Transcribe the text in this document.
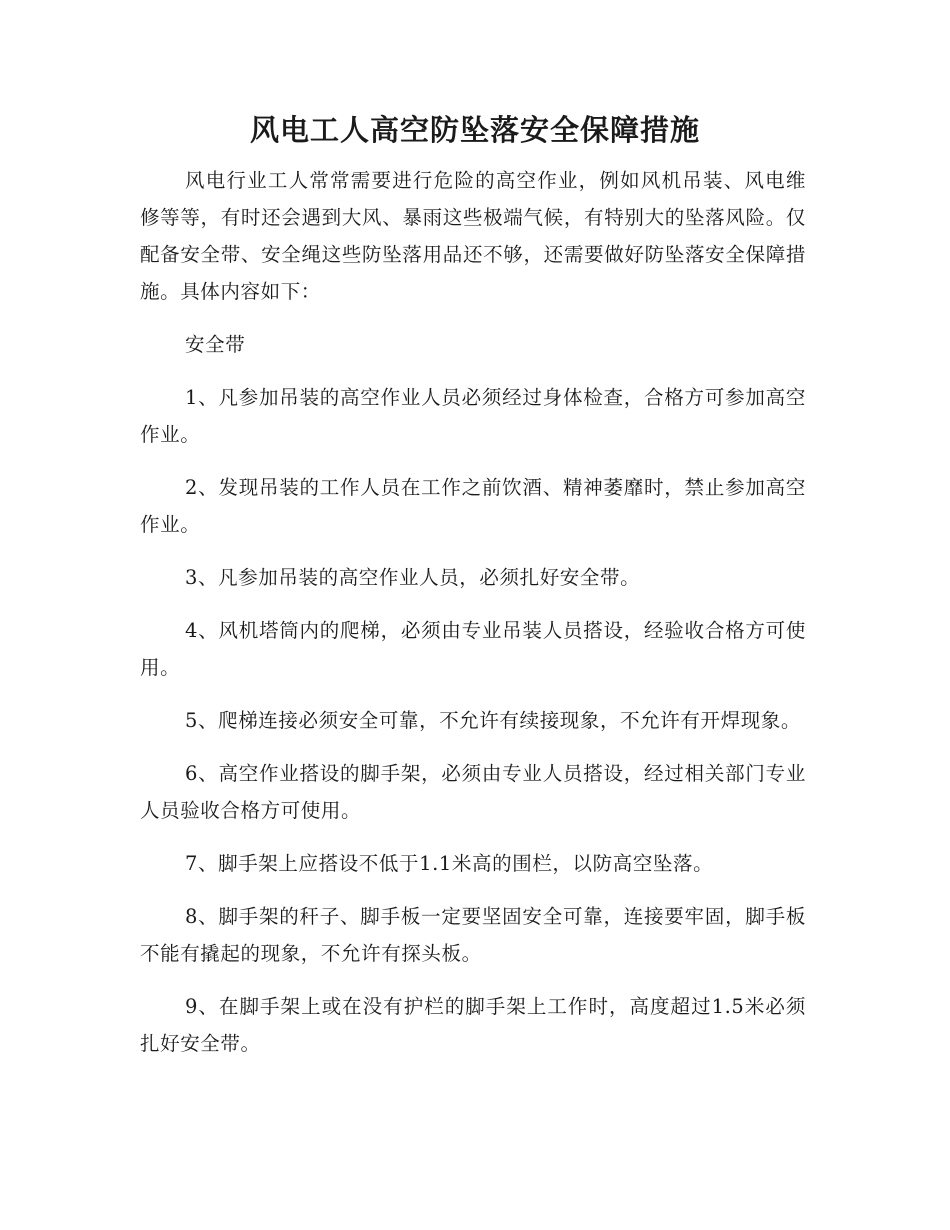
风电工人高空防坠落安全保障措施

风电行业工人常常需要进行危险的高空作业，例如风机吊装、风电维修等等，有时还会遇到大风、暴雨这些极端气候，有特别大的坠落风险。仅配备安全带、安全绳这些防坠落用品还不够，还需要做好防坠落安全保障措施。具体内容如下：

安全带

1、凡参加吊装的高空作业人员必须经过身体检查，合格方可参加高空作业。

2、发现吊装的工作人员在工作之前饮酒、精神萎靡时，禁止参加高空作业。

3、凡参加吊装的高空作业人员，必须扎好安全带。

4、风机塔筒内的爬梯，必须由专业吊装人员搭设，经验收合格方可使用。

5、爬梯连接必须安全可靠，不允许有续接现象，不允许有开焊现象。

6、高空作业搭设的脚手架，必须由专业人员搭设，经过相关部门专业人员验收合格方可使用。

7、脚手架上应搭设不低于1.1米高的围栏，以防高空坠落。

8、脚手架的秆子、脚手板一定要坚固安全可靠，连接要牢固，脚手板不能有撬起的现象，不允许有探头板。

9、在脚手架上或在没有护栏的脚手架上工作时，高度超过1.5米必须扎好安全带。
